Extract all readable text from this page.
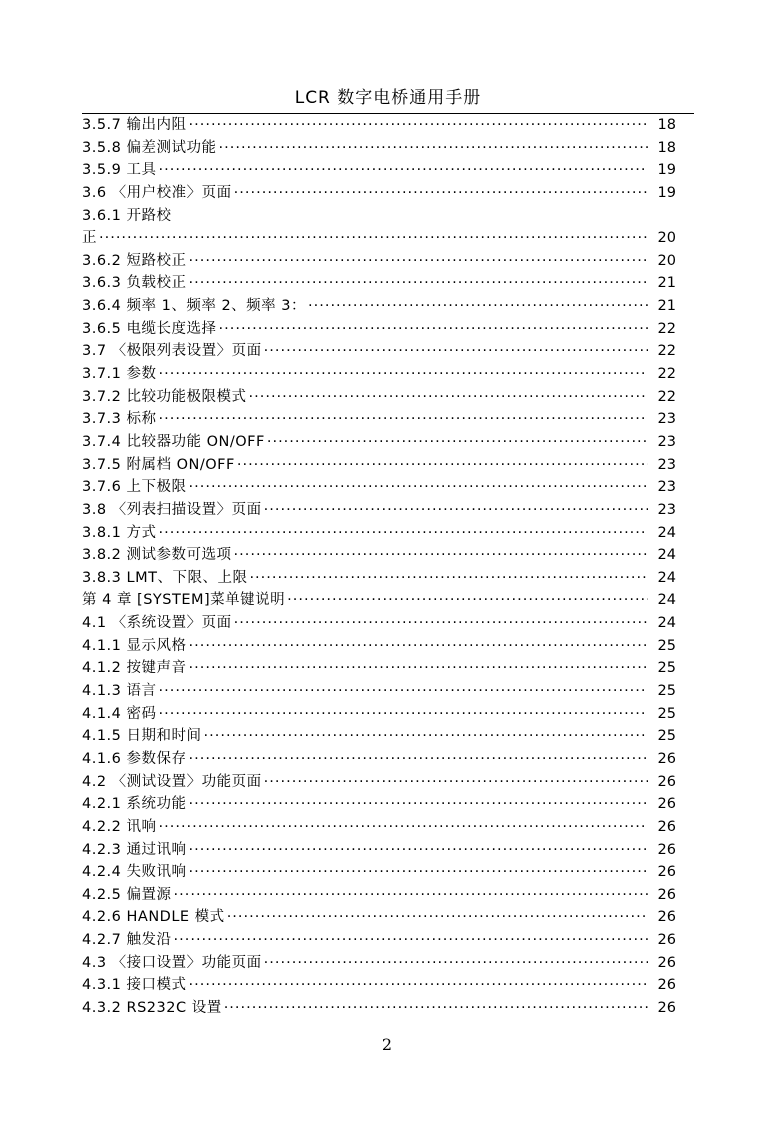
LCR 数字电桥通用手册
3.5.7 输出内阻 ·····	18
3.5.8 偏差测试功能 ·····	18
3.5.9 工具 ·····	19
3.6 〈用户校准〉页面 ·····	19
3.6.1 开路校
正 ·····	20
3.6.2 短路校正 ·····	20
3.6.3 负载校正 ·····	21
3.6.4 频率 1、频率 2、频率 3： ·····	21
3.6.5 电缆长度选择 ·····	22
3.7 〈极限列表设置〉页面 ·····	22
3.7.1 参数 ·····	22
3.7.2 比较功能极限模式 ·····	22
3.7.3 标称 ·····	23
3.7.4 比较器功能 ON/OFF ·····	23
3.7.5 附属档 ON/OFF ·····	23
3.7.6 上下极限 ·····	23
3.8 〈列表扫描设置〉页面 ·····	23
3.8.1 方式 ·····	24
3.8.2 测试参数可选项 ·····	24
3.8.3 LMT、下限、上限 ·····	24
第 4 章 [SYSTEM]菜单键说明 ·····	24
4.1 〈系统设置〉页面 ·····	24
4.1.1 显示风格 ·····	25
4.1.2 按键声音 ·····	25
4.1.3 语言 ·····	25
4.1.4 密码 ·····	25
4.1.5 日期和时间 ·····	25
4.1.6 参数保存 ·····	26
4.2 〈测试设置〉功能页面 ·····	26
4.2.1 系统功能 ·····	26
4.2.2 讯响 ·····	26
4.2.3 通过讯响 ·····	26
4.2.4 失败讯响 ·····	26
4.2.5 偏置源 ·····	26
4.2.6 HANDLE 模式 ·····	26
4.2.7 触发沿 ·····	26
4.3 〈接口设置〉功能页面 ·····	26
4.3.1 接口模式 ·····	26
4.3.2 RS232C 设置 ·····	26
2
